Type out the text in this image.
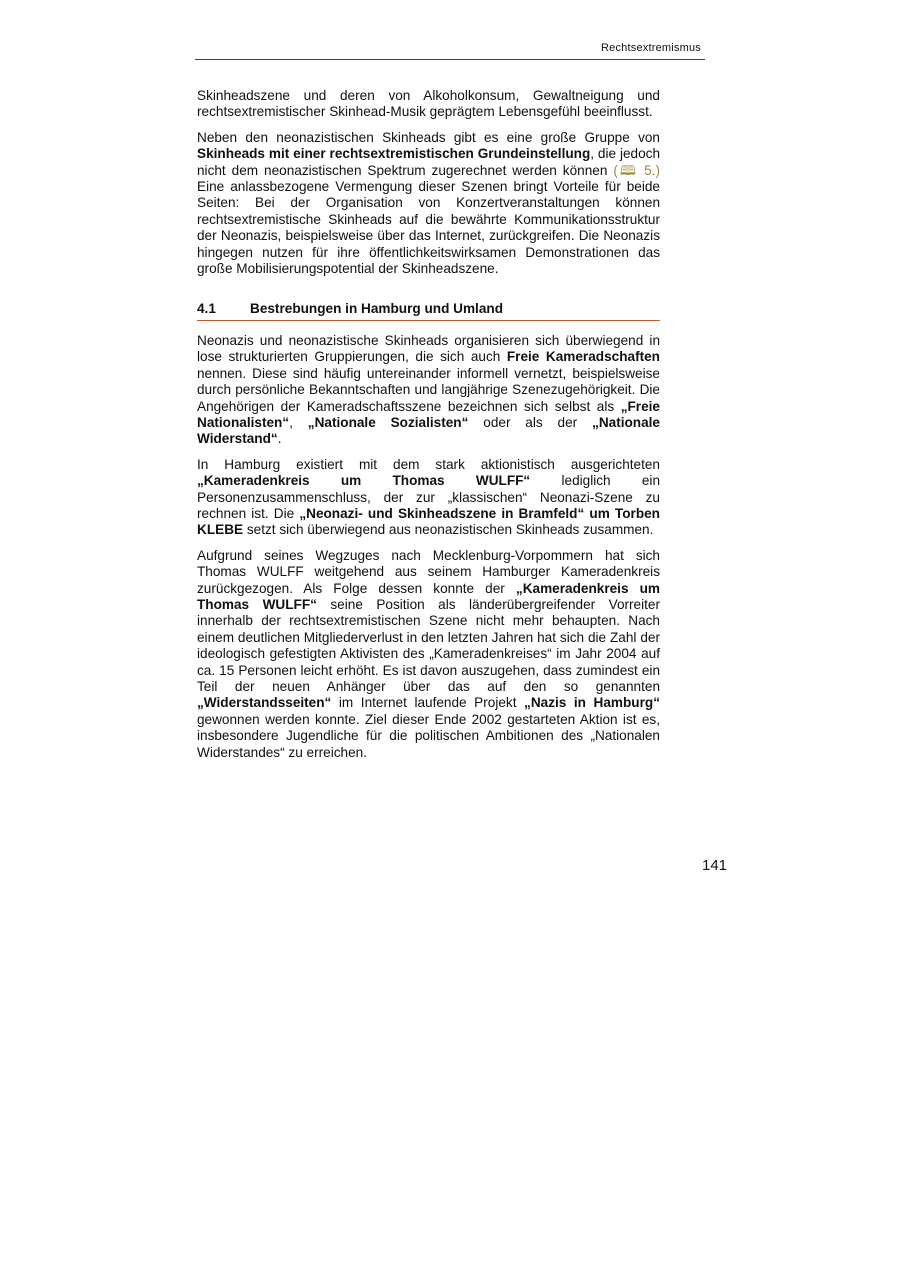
Rechtsextremismus

Skinheadszene und deren von Alkoholkonsum, Gewaltneigung und rechtsextremistischer Skinhead-Musik geprägtem Lebensgefühl beeinflusst.

Neben den neonazistischen Skinheads gibt es eine große Gruppe von Skinheads mit einer rechtsextremistischen Grundeinstellung, die jedoch nicht dem neonazistischen Spektrum zugerechnet werden können (🕮 5.) Eine anlassbezogene Vermengung dieser Szenen bringt Vorteile für beide Seiten: Bei der Organisation von Konzertveranstaltungen können rechtsextremistische Skinheads auf die bewährte Kommunikationsstruktur der Neonazis, beispielsweise über das Internet, zurückgreifen. Die Neonazis hingegen nutzen für ihre öffentlichkeitswirksamen Demonstrationen das große Mobilisierungspotential der Skinheadszene.

4.1	Bestrebungen in Hamburg und Umland

Neonazis und neonazistische Skinheads organisieren sich überwiegend in lose strukturierten Gruppierungen, die sich auch Freie Kameradschaften nennen. Diese sind häufig untereinander informell vernetzt, beispielsweise durch persönliche Bekanntschaften und langjährige Szenezugehörigkeit. Die Angehörigen der Kameradschaftsszene bezeichnen sich selbst als „Freie Nationalisten“, „Nationale Sozialisten“ oder als der „Nationale Widerstand“.

In Hamburg existiert mit dem stark aktionistisch ausgerichteten „Kameradenkreis um Thomas WULFF“ lediglich ein Personenzusammenschluss, der zur „klassischen“ Neonazi-Szene zu rechnen ist. Die „Neonazi- und Skinheadszene in Bramfeld“ um Torben KLEBE setzt sich überwiegend aus neonazistischen Skinheads zusammen.

Aufgrund seines Wegzuges nach Mecklenburg-Vorpommern hat sich Thomas WULFF weitgehend aus seinem Hamburger Kameradenkreis zurückgezogen. Als Folge dessen konnte der „Kameradenkreis um Thomas WULFF“ seine Position als länderübergreifender Vorreiter innerhalb der rechtsextremistischen Szene nicht mehr behaupten. Nach einem deutlichen Mitgliederverlust in den letzten Jahren hat sich die Zahl der ideologisch gefestigten Aktivisten des „Kameradenkreises“ im Jahr 2004 auf ca. 15 Personen leicht erhöht. Es ist davon auszugehen, dass zumindest ein Teil der neuen Anhänger über das auf den so genannten „Widerstandsseiten“ im Internet laufende Projekt „Nazis in Hamburg“ gewonnen werden konnte. Ziel dieser Ende 2002 gestarteten Aktion ist es, insbesondere Jugendliche für die politischen Ambitionen des „Nationalen Widerstandes“ zu erreichen.

141
